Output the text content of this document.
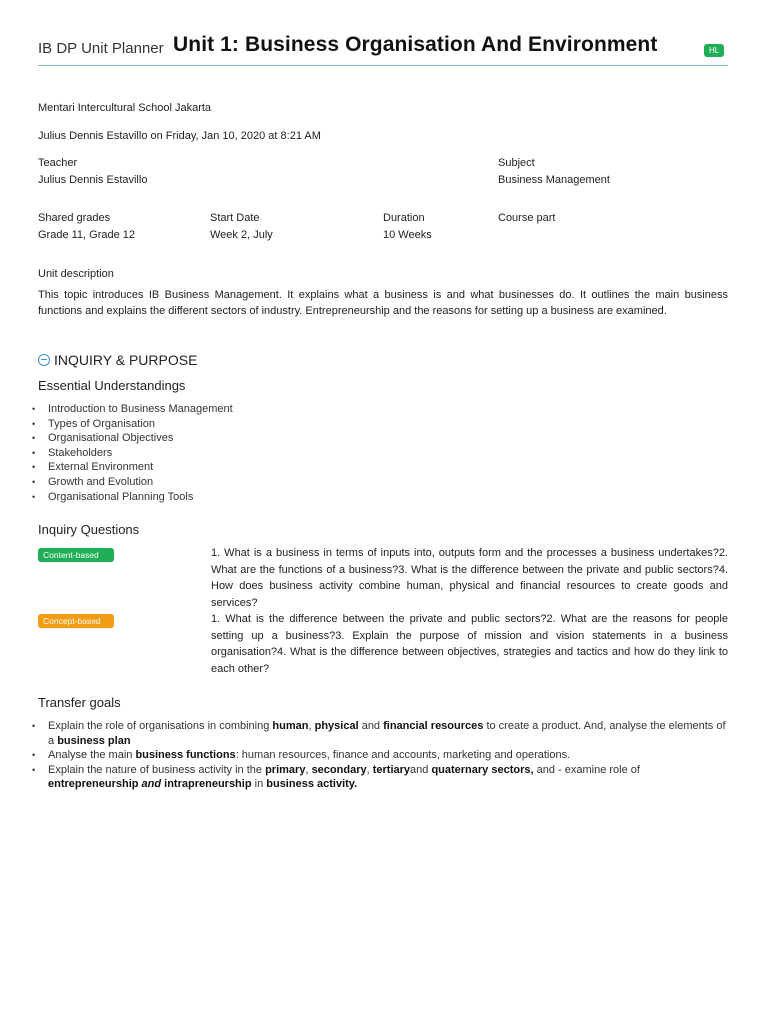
IB DP Unit Planner Unit 1: Business Organisation And Environment	HL
Mentari Intercultural School Jakarta
Julius Dennis Estavillo on Friday, Jan 10, 2020 at 8:21 AM
Teacher
Julius Dennis Estavillo
Subject
Business Management
Shared grades
Grade 11, Grade 12
Start Date
Week 2, July
Duration
10 Weeks
Course part
Unit description
This topic introduces IB Business Management. It explains what a business is and what businesses do. It outlines the main business functions and explains the different sectors of industry. Entrepreneurship and the reasons for setting up a business are examined.
INQUIRY & PURPOSE
Essential Understandings
• Introduction to Business Management
• Types of Organisation
• Organisational Objectives
• Stakeholders
• External Environment
• Growth and Evolution
• Organisational Planning Tools
Inquiry Questions
Content-based	1. What is a business in terms of inputs into, outputs form and the processes a business undertakes?2. What are the functions of a business?3. What is the difference between the private and public sectors?4. How does business activity combine human, physical and financial resources to create goods and services?
Concept-based	1. What is the difference between the private and public sectors?2. What are the reasons for people setting up a business?3. Explain the purpose of mission and vision statements in a business organisation?4. What is the difference between objectives, strategies and tactics and how do they link to each other?
Transfer goals
• Explain the role of organisations in combining human, physical and financial resources to create a product. And, analyse the elements of a business plan
• Analyse the main business functions: human resources, finance and accounts, marketing and operations.
• Explain the nature of business activity in the primary, secondary, tertiaryand quaternary sectors, and - examine role of entrepreneurship and intrapreneurship in business activity.
